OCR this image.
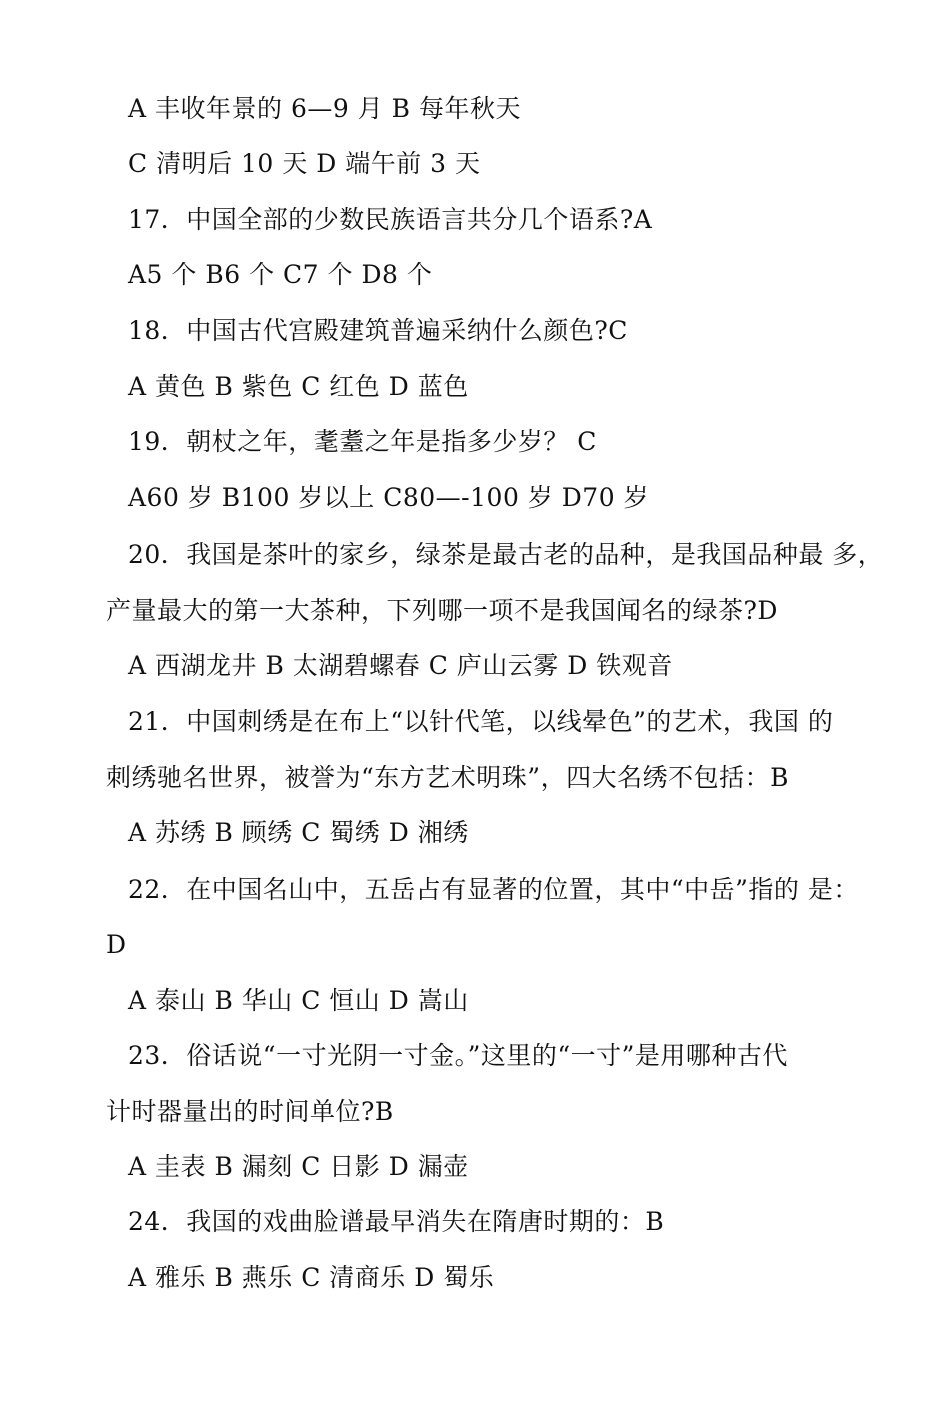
A 丰收年景的 6—9 月 B 每年秋天
C 清明后 10 天 D 端午前 3 天
17．中国全部的少数民族语言共分几个语系?A
A5 个 B6 个 C7 个 D8 个
18．中国古代宫殿建筑普遍采纳什么颜色?C
A 黄色 B 紫色 C 红色 D 蓝色
19．朝杖之年，耄耋之年是指多少岁？ C
A60 岁 B100 岁以上 C80—-100 岁 D70 岁
20．我国是茶叶的家乡，绿茶是最古老的品种，是我国品种最 多，
产量最大的第一大茶种，下列哪一项不是我国闻名的绿茶?D
A 西湖龙井 B 太湖碧螺春 C 庐山云雾 D 铁观音
21．中国刺绣是在布上“以针代笔，以线晕色”的艺术，我国 的
刺绣驰名世界，被誉为“东方艺术明珠”，四大名绣不包括：B
A 苏绣 B 顾绣 C 蜀绣 D 湘绣
22．在中国名山中，五岳占有显著的位置，其中“中岳”指的 是：
D
A 泰山 B 华山 C 恒山 D 嵩山
23．俗话说“一寸光阴一寸金。”这里的“一寸”是用哪种古代
计时器量出的时间单位?B
A 圭表 B 漏刻 C 日影 D 漏壶
24．我国的戏曲脸谱最早消失在隋唐时期的：B
A 雅乐 B 燕乐 C 清商乐 D 蜀乐
